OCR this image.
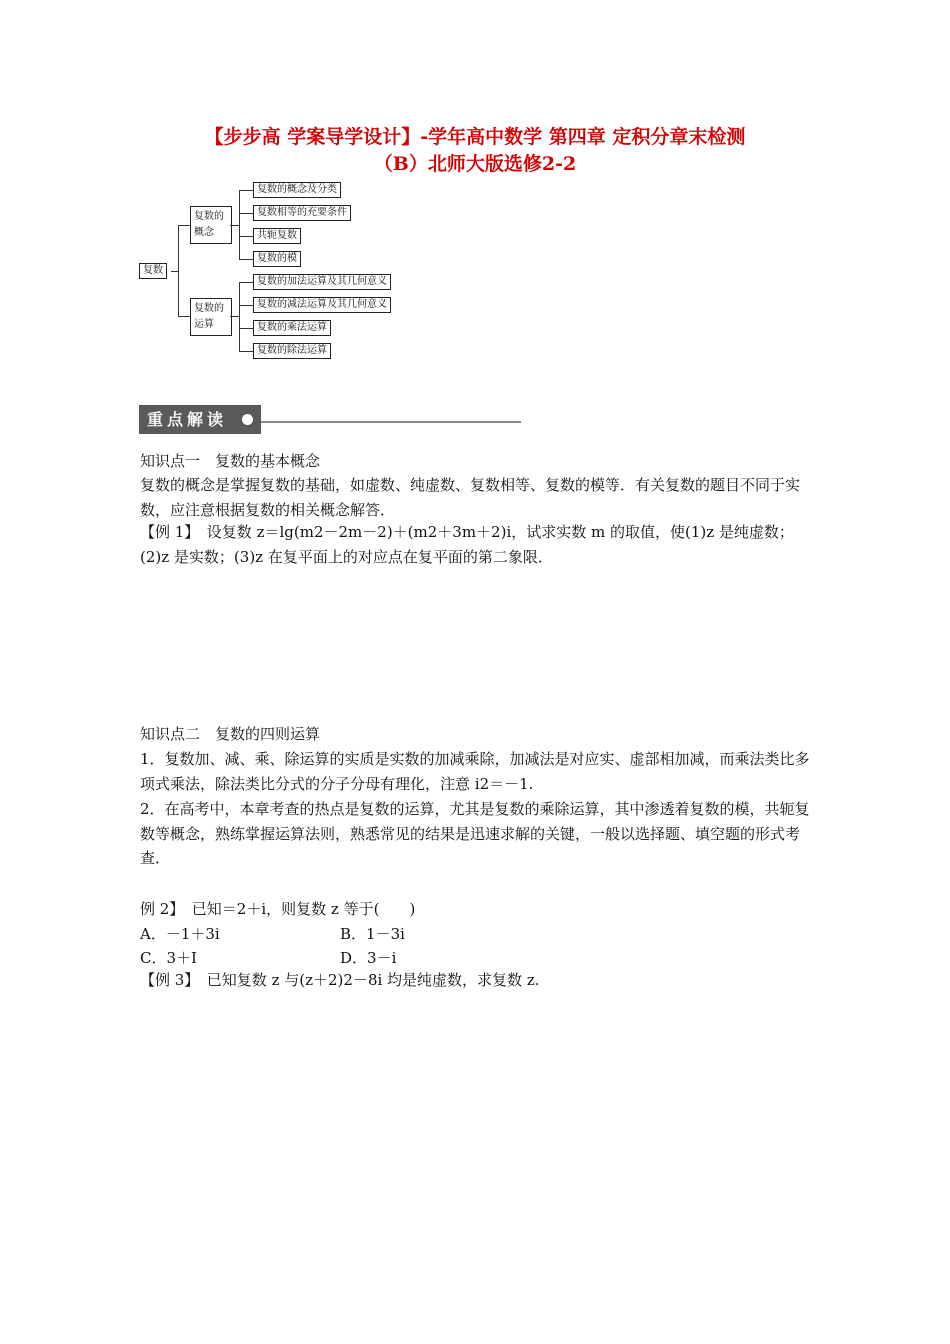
【步步高 学案导学设计】-学年高中数学 第四章 定积分章末检测
（B）北师大版选修2-2
复数
复数的概念
复数的概念及分类
复数相等的充要条件
共轭复数
复数的模
复数的运算
复数的加法运算及其几何意义
复数的减法运算及其几何意义
复数的乘法运算
复数的除法运算
重点解读
知识点一　复数的基本概念
复数的概念是掌握复数的基础，如虚数、纯虚数、复数相等、复数的模等．有关复数的题目不同于实数，应注意根据复数的相关概念解答．
【例 1】　设复数 z＝lg(m2－2m－2)＋(m2＋3m＋2)i，试求实数 m 的取值，使(1)z 是纯虚数；(2)z 是实数；(3)z 在复平面上的对应点在复平面的第二象限．
知识点二　复数的四则运算
1．复数加、减、乘、除运算的实质是实数的加减乘除，加减法是对应实、虚部相加减，而乘法类比多项式乘法，除法类比分式的分子分母有理化，注意 i2＝－1.
2．在高考中，本章考查的热点是复数的运算，尤其是复数的乘除运算，其中渗透着复数的模，共轭复数等概念，熟练掌握运算法则，熟悉常见的结果是迅速求解的关键，一般以选择题、填空题的形式考查．
例 2】　已知＝2＋i，则复数 z 等于(　　)
A．－1＋3i	B．1－3i
C．3＋I	D．3－i
【例 3】　已知复数 z 与(z＋2)2－8i 均是纯虚数，求复数 z.
